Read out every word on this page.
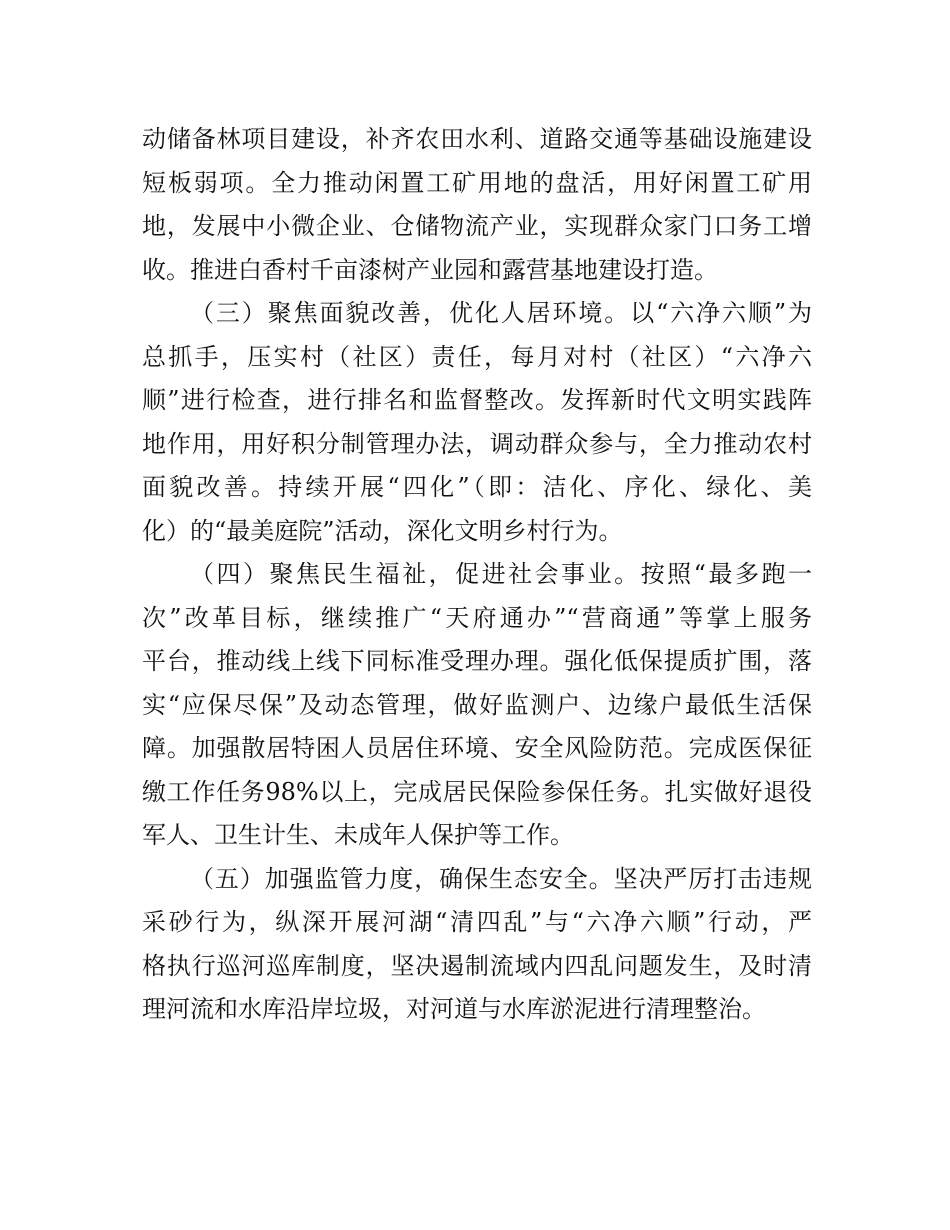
动储备林项目建设，补齐农田水利、道路交通等基础设施建设
短板弱项。全力推动闲置工矿用地的盘活，用好闲置工矿用
地，发展中小微企业、仓储物流产业，实现群众家门口务工增
收。推进白香村千亩漆树产业园和露营基地建设打造。
（三）聚焦面貌改善，优化人居环境。以“六净六顺”为
总抓手，压实村（社区）责任，每月对村（社区）“六净六
顺”进行检查，进行排名和监督整改。发挥新时代文明实践阵
地作用，用好积分制管理办法，调动群众参与，全力推动农村
面貌改善。持续开展“四化”（即：洁化、序化、绿化、美
化）的“最美庭院”活动，深化文明乡村行为。
（四）聚焦民生福祉，促进社会事业。按照“最多跑一
次”改革目标，继续推广“天府通办”“营商通”等掌上服务
平台，推动线上线下同标准受理办理。强化低保提质扩围，落
实“应保尽保”及动态管理，做好监测户、边缘户最低生活保
障。加强散居特困人员居住环境、安全风险防范。完成医保征
缴工作任务98%以上，完成居民保险参保任务。扎实做好退役
军人、卫生计生、未成年人保护等工作。
（五）加强监管力度，确保生态安全。坚决严厉打击违规
采砂行为，纵深开展河湖“清四乱”与“六净六顺”行动，严
格执行巡河巡库制度，坚决遏制流域内四乱问题发生，及时清
理河流和水库沿岸垃圾，对河道与水库淤泥进行清理整治。
